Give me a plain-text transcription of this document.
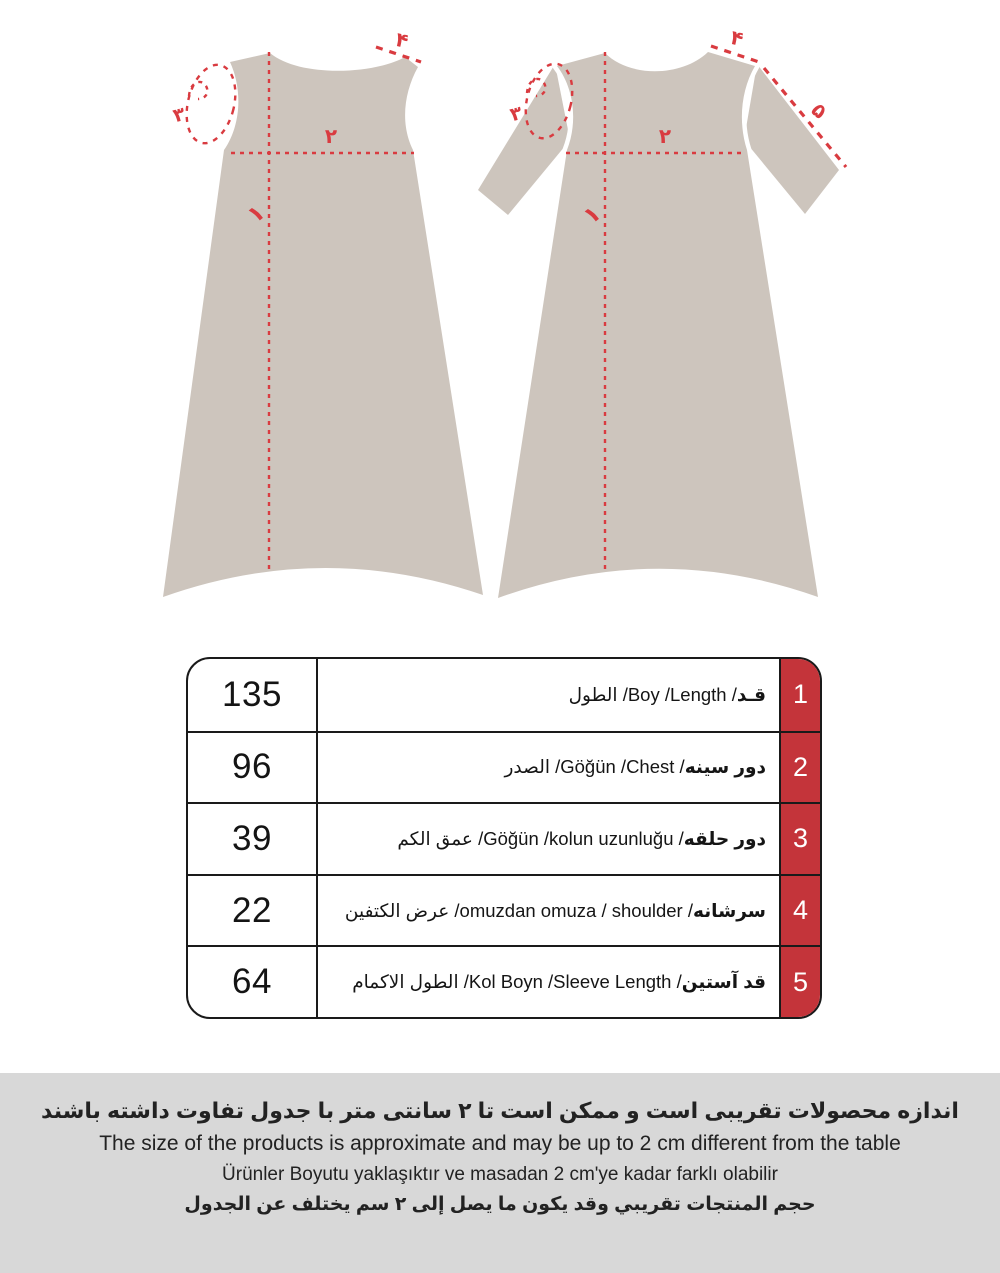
۱
۲
۳
۴
۱
۲
۳
۴
۵
135	قـد/ Boy /Length/ الطول	1
96	دور سینه/ Göğün /Chest/ الصدر	2
39	دور حلقه/ Göğün /kolun uzunluğu/ عمق الكم	3
22	سرشانه/ omuzdan omuza / shoulder/ عرض الكتفين	4
64	قد آستین/ Kol Boyn /Sleeve Length/ الطول الاكمام	5
اندازه محصولات تقریبی است و ممکن است تا ۲ سانتی متر با جدول تفاوت داشته باشند
The size of the products is approximate and may be up to 2 cm different from the table
Ürünler Boyutu yaklaşıktır ve masadan 2 cm'ye kadar farklı olabilir
حجم المنتجات تقريبي وقد يكون ما يصل إلى ٢ سم يختلف عن الجدول
